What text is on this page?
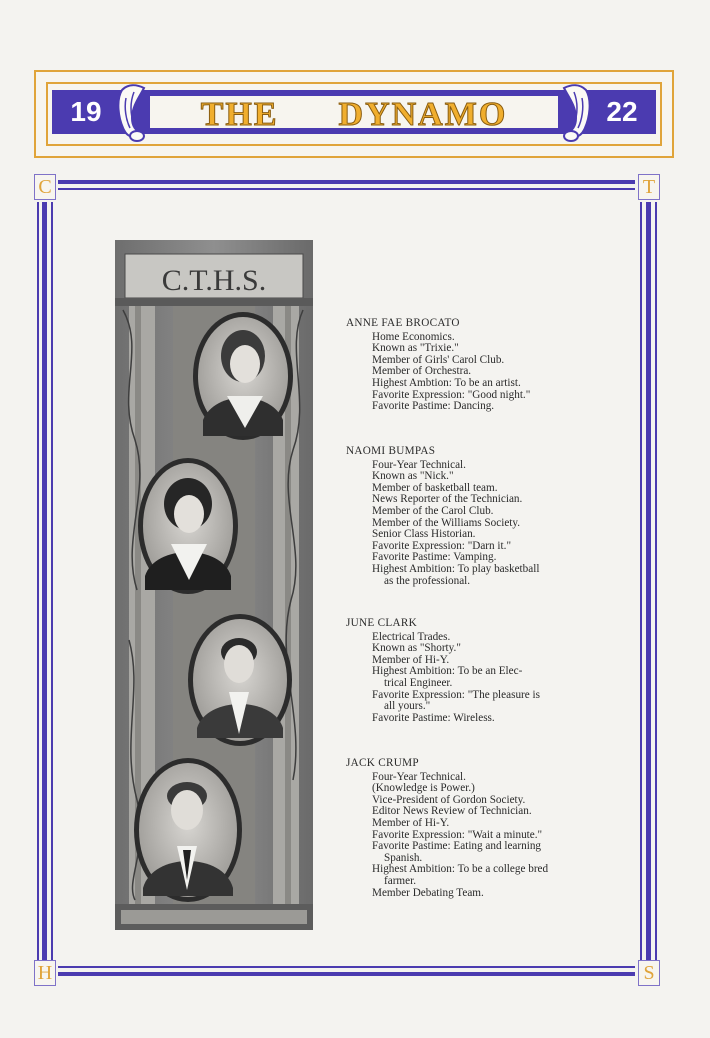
19	22
THE DYNAMO
C	T
H	S
C.T.H.S.
ANNE FAE BROCATO
Home Economics.
Known as "Trixie."
Member of Girls' Carol Club.
Member of Orchestra.
Highest Ambtion: To be an artist.
Favorite Expression: "Good night."
Favorite Pastime: Dancing.
NAOMI BUMPAS
Four-Year Technical.
Known as "Nick."
Member of basketball team.
News Reporter of the Technician.
Member of the Carol Club.
Member of the Williams Society.
Senior Class Historian.
Favorite Expression: "Darn it."
Favorite Pastime: Vamping.
Highest Ambition: To play basketball
as the professional.
JUNE CLARK
Electrical Trades.
Known as "Shorty."
Member of Hi-Y.
Highest Ambition: To be an Elec-
trical Engineer.
Favorite Expression: "The pleasure is
all yours."
Favorite Pastime: Wireless.
JACK CRUMP
Four-Year Technical.
(Knowledge is Power.)
Vice-President of Gordon Society.
Editor News Review of Technician.
Member of Hi-Y.
Favorite Expression: "Wait a minute."
Favorite Pastime: Eating and learning
Spanish.
Highest Ambition: To be a college bred
farmer.
Member Debating Team.
